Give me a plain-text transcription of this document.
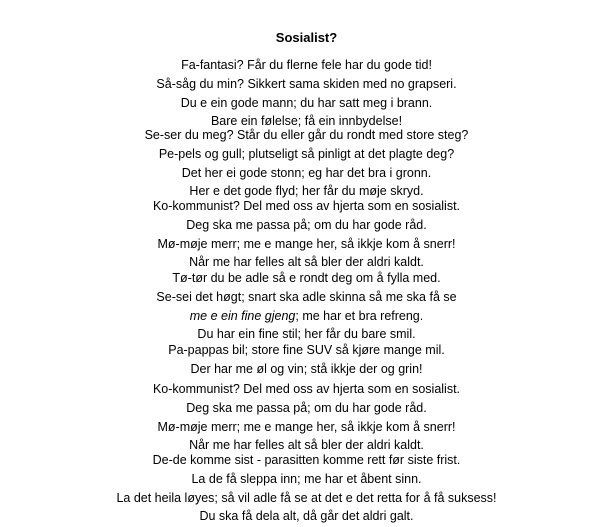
Sosialist?
Fa-fantasi? Får du flerne fele har du gode tid!
Så-såg du min? Sikkert sama skiden med no grapseri.
Du e ein gode mann; du har satt meg i brann.
Bare ein følelse; få ein innbydelse!
Se-ser du meg? Står du eller går du rondt med store steg?
Pe-pels og gull; plutseligt så pinligt at det plagte deg?
Det her ei gode stonn; eg har det bra i gronn.
Her e det gode flyd; her får du møje skryd.
Ko-kommunist? Del med oss av hjerta som en sosialist.
Deg ska me passa på; om du har gode råd.
Mø-møje merr; me e mange her, så ikkje kom å snerr!
Når me har felles alt så bler der aldri kaldt.
Tø-tør du be adle så e rondt deg om å fylla med.
Se-sei det høgt; snart ska adle skinna så me ska få se
me e ein fine gjeng; me har et bra refreng.
Du har ein fine stil; her får du bare smil.
Pa-pappas bil; store fine SUV så kjøre mange mil.
Der har me øl og vin; stå ikkje der og grin!
Ko-kommunist? Del med oss av hjerta som en sosialist.
Deg ska me passa på; om du har gode råd.
Mø-møje merr; me e mange her, så ikkje kom å snerr!
Når me har felles alt så bler der aldri kaldt.
De-de komme sist - parasitten komme rett før siste frist.
La de få sleppa inn; me har et åbent sinn.
La det heila løyes; så vil adle få se at det e det retta for å få suksess!
Du ska få dela alt, då går det aldri galt.
